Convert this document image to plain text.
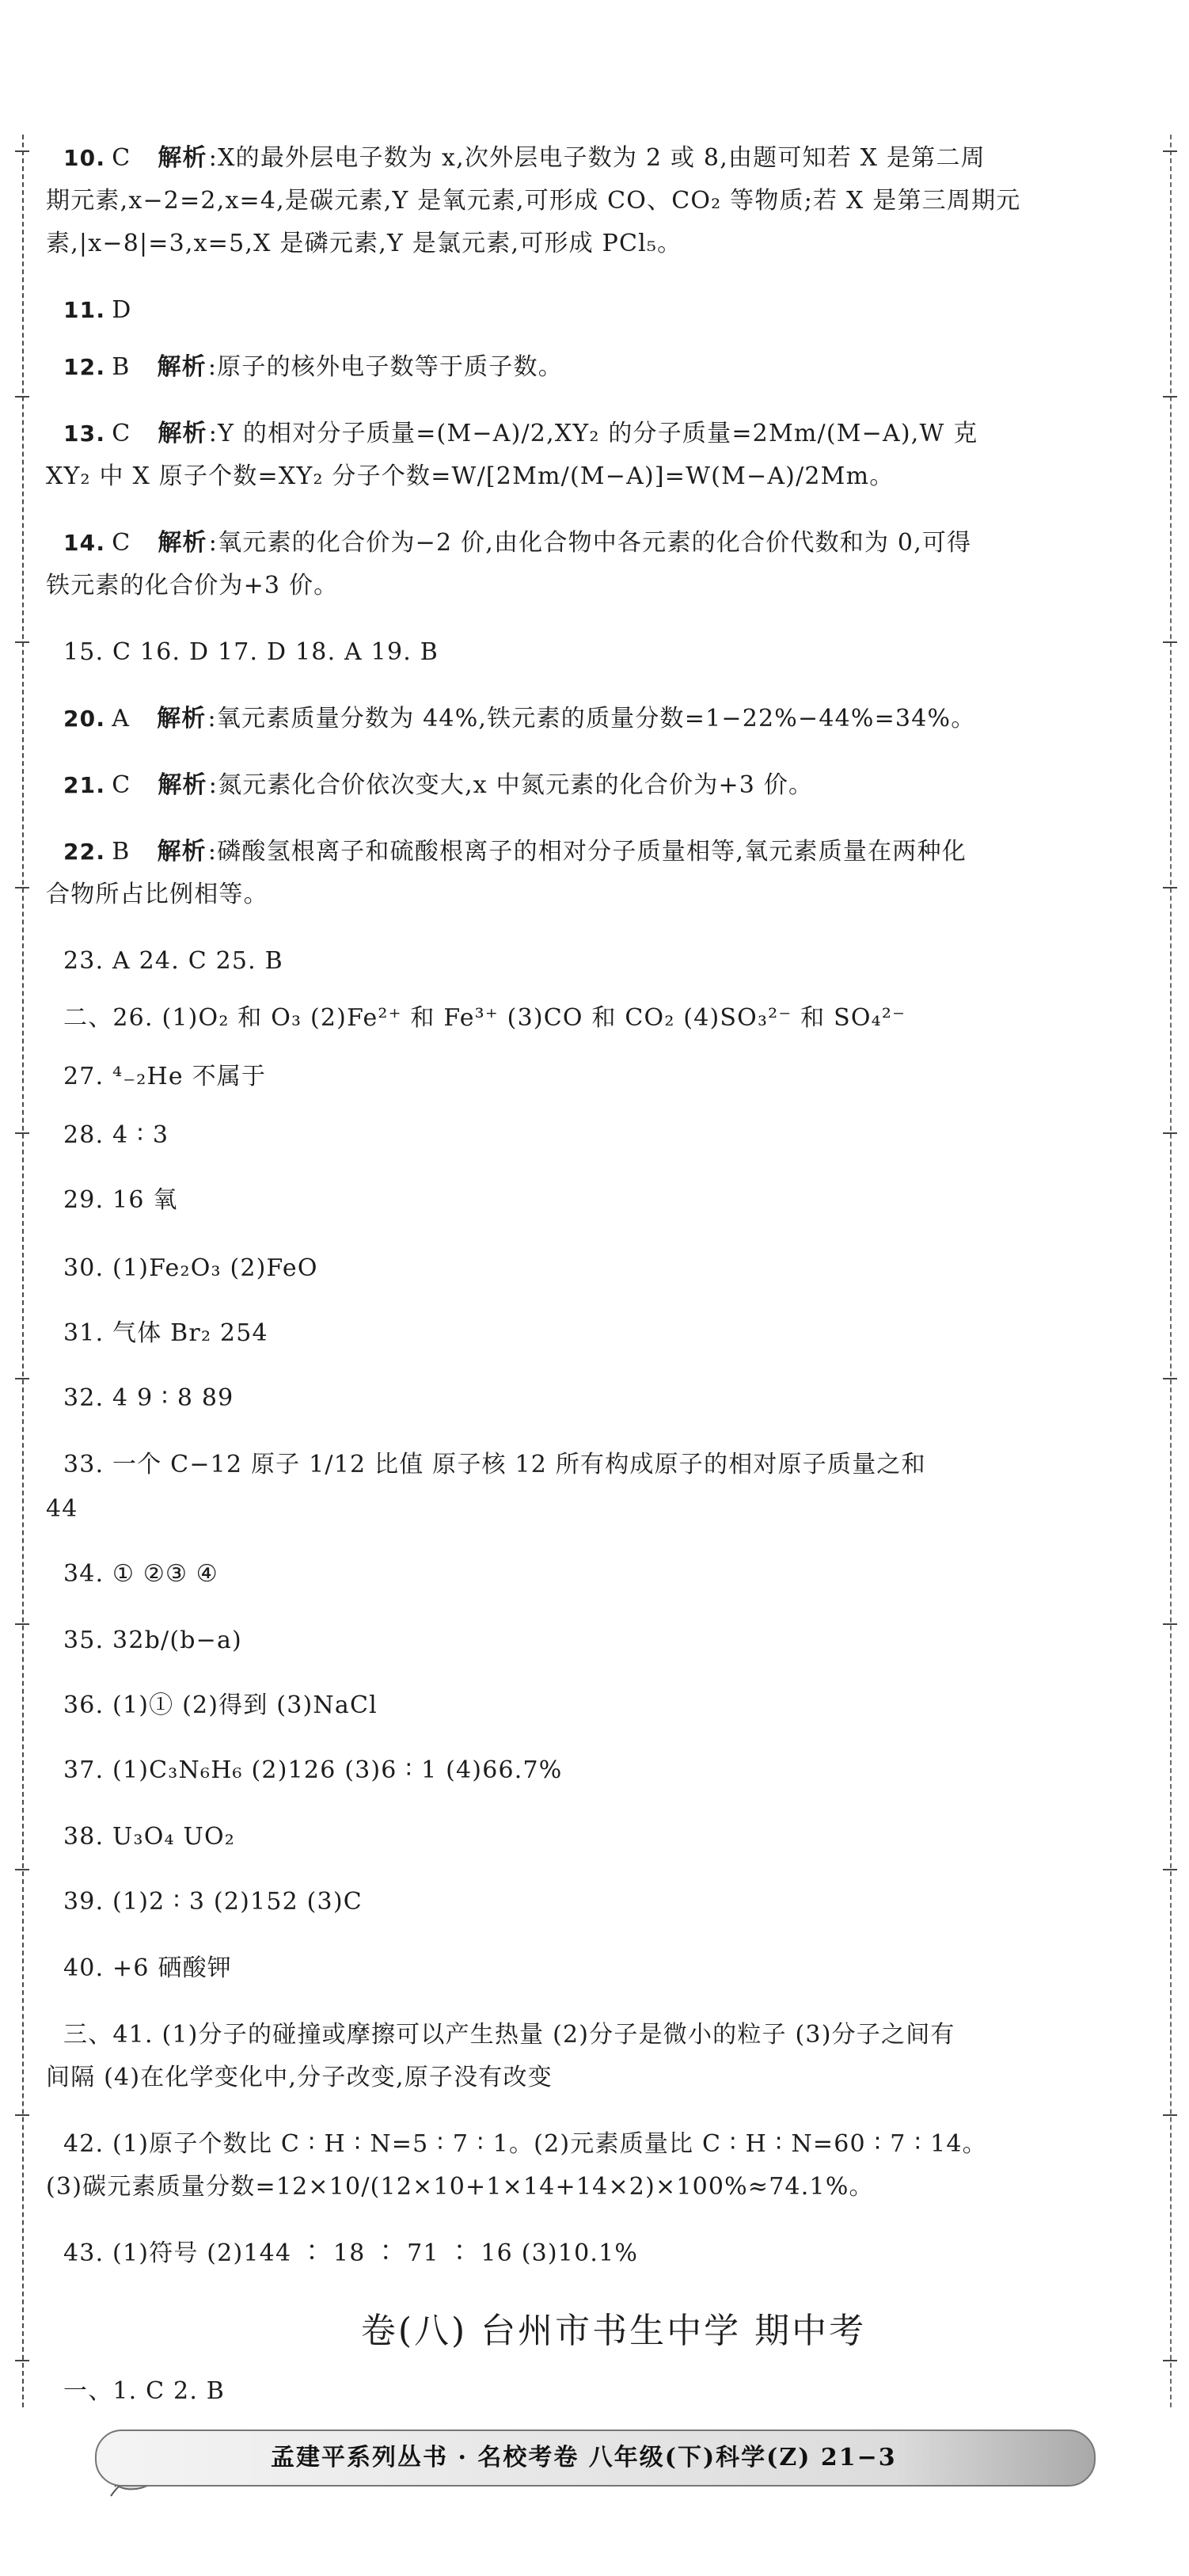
10. C 解析:X的最外层电子数为 x,次外层电子数为 2 或 8,由题可知若 X 是第二周
期元素,x−2=2,x=4,是碳元素,Y 是氧元素,可形成 CO、CO₂ 等物质;若 X 是第三周期元
素,|x−8|=3,x=5,X 是磷元素,Y 是氯元素,可形成 PCl₅。
11. D
12. B 解析:原子的核外电子数等于质子数。
13. C 解析:Y 的相对分子质量=(M−A)/2,XY₂ 的分子质量=2Mm/(M−A),W 克
XY₂ 中 X 原子个数=XY₂ 分子个数=W/[2Mm/(M−A)]=W(M−A)/2Mm。
14. C 解析:氧元素的化合价为−2 价,由化合物中各元素的化合价代数和为 0,可得
铁元素的化合价为+3 价。
15. C 16. D 17. D 18. A 19. B
20. A 解析:氧元素质量分数为 44%,铁元素的质量分数=1−22%−44%=34%。
21. C 解析:氮元素化合价依次变大,x 中氮元素的化合价为+3 价。
22. B 解析:磷酸氢根离子和硫酸根离子的相对分子质量相等,氧元素质量在两种化
合物所占比例相等。
23. A 24. C 25. B
二、26. (1)O₂ 和 O₃ (2)Fe²⁺ 和 Fe³⁺ (3)CO 和 CO₂ (4)SO₃²⁻ 和 SO₄²⁻
27. ⁴₋₂He 不属于
28. 4 ∶ 3
29. 16 氧
30. (1)Fe₂O₃ (2)FeO
31. 气体 Br₂ 254
32. 4 9 ∶ 8 89
33. 一个 C−12 原子 1/12 比值 原子核 12 所有构成原子的相对原子质量之和
44
34. ① ②③ ④
35. 32b/(b−a)
36. (1)① (2)得到 (3)NaCl
37. (1)C₃N₆H₆ (2)126 (3)6 ∶ 1 (4)66.7%
38. U₃O₄ UO₂
39. (1)2 ∶ 3 (2)152 (3)C
40. +6 硒酸钾
三、41. (1)分子的碰撞或摩擦可以产生热量 (2)分子是微小的粒子 (3)分子之间有
间隔 (4)在化学变化中,分子改变,原子没有改变
42. (1)原子个数比 C ∶ H ∶ N=5 ∶ 7 ∶ 1。(2)元素质量比 C ∶ H ∶ N=60 ∶ 7 ∶ 14。
(3)碳元素质量分数=12×10/(12×10+1×14+14×2)×100%≈74.1%。
43. (1)符号 (2)144 ∶ 18 ∶ 71 ∶ 16 (3)10.1%
卷(八) 台州市书生中学 期中考
一、1. C 2. B
孟建平系列丛书 · 名校考卷 八年级(下)科学(Z) 21−3
